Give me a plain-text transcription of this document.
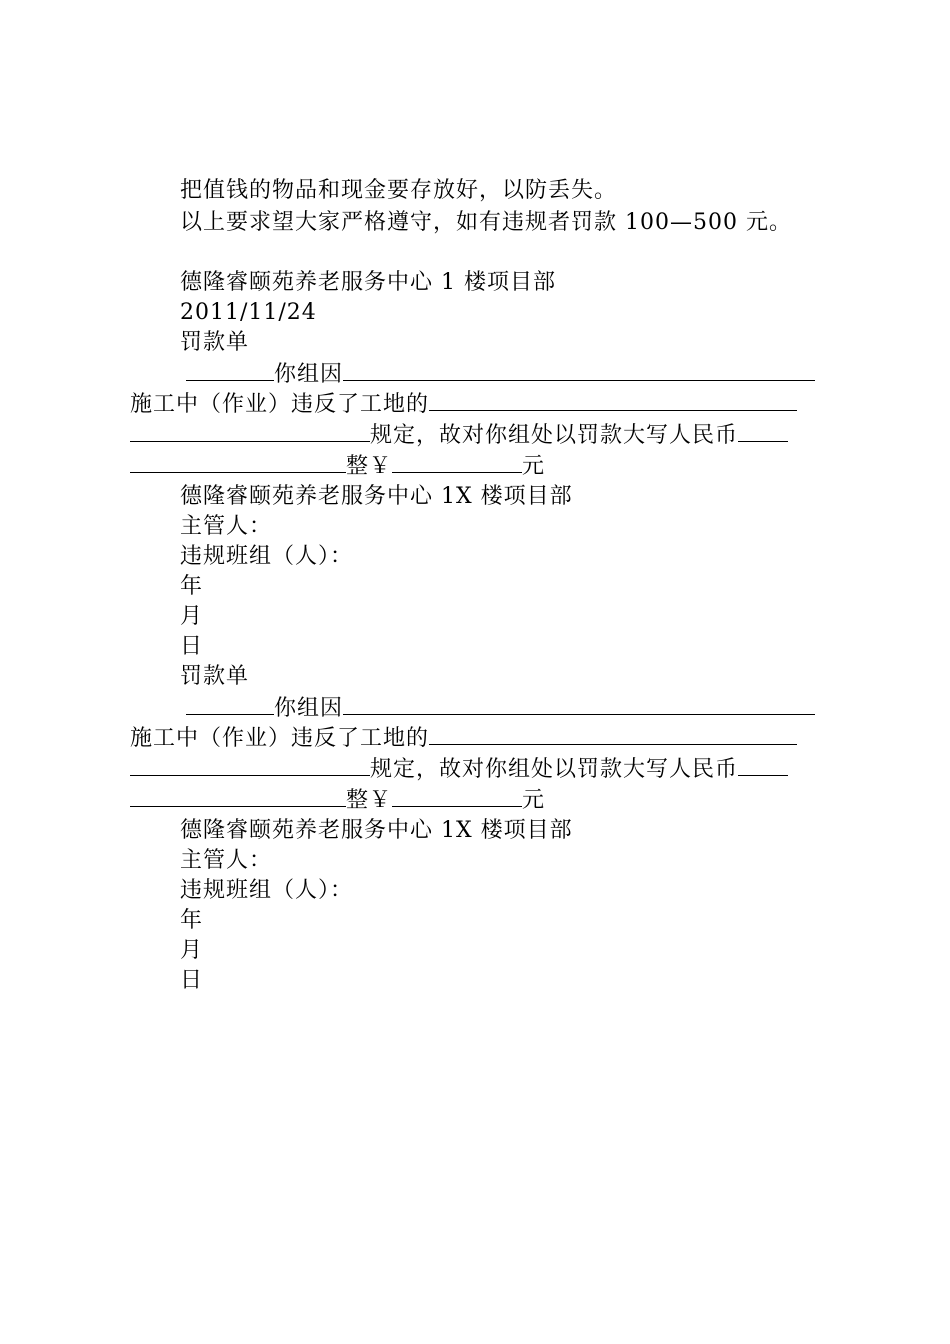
把值钱的物品和现金要存放好，以防丢失。
以上要求望大家严格遵守，如有违规者罚款 100—500 元。
德隆睿颐苑养老服务中心 1 楼项目部
2011/11/24
罚款单
你组因
施工中（作业）违反了工地的
规定，故对你组处以罚款大写人民币
整￥	元
德隆睿颐苑养老服务中心 1X 楼项目部
主管人：
违规班组（人）：
年
月
日
罚款单
你组因
施工中（作业）违反了工地的
规定，故对你组处以罚款大写人民币
整￥	元
德隆睿颐苑养老服务中心 1X 楼项目部
主管人：
违规班组（人）：
年
月
日
